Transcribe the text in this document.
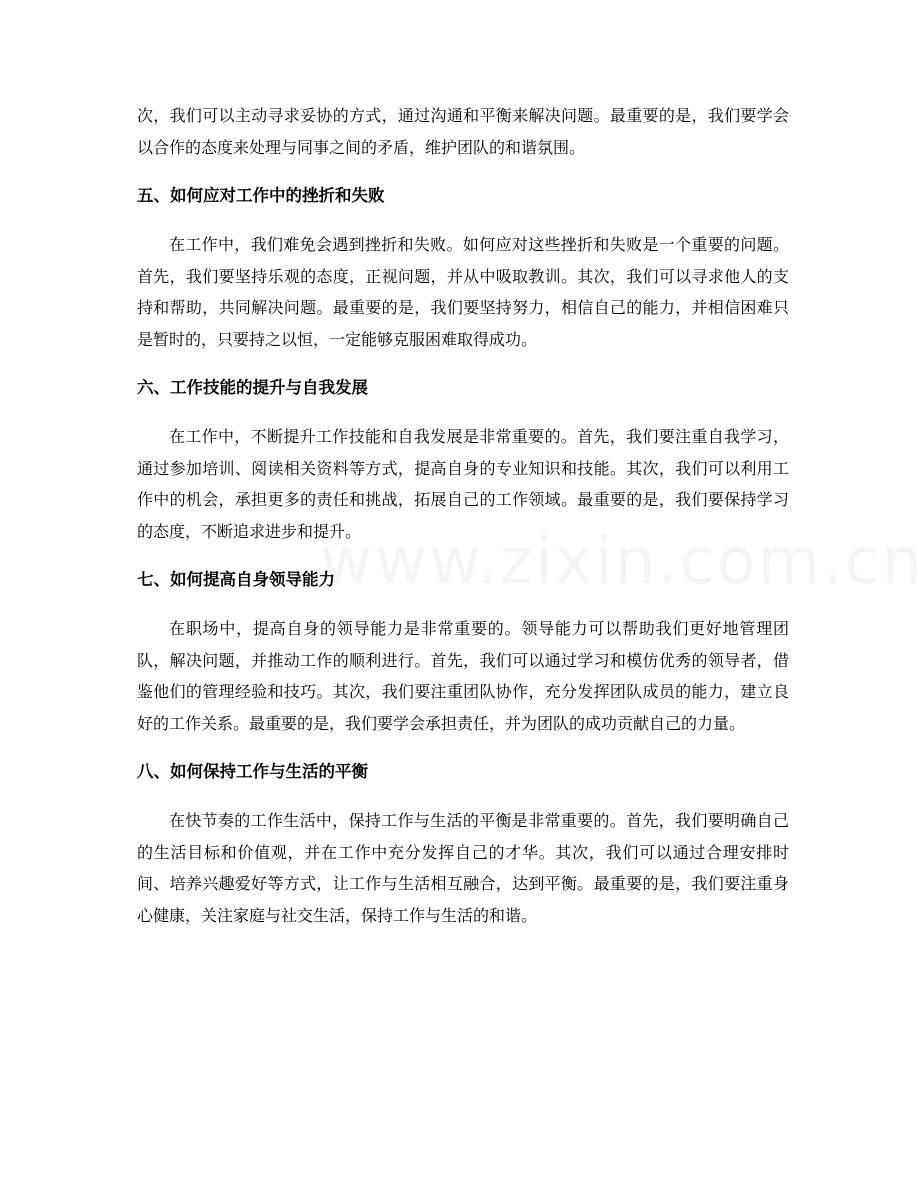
次，我们可以主动寻求妥协的方式，通过沟通和平衡来解决问题。最重要的是，我们要学会以合作的态度来处理与同事之间的矛盾，维护团队的和谐氛围。

五、如何应对工作中的挫折和失败

在工作中，我们难免会遇到挫折和失败。如何应对这些挫折和失败是一个重要的问题。首先，我们要坚持乐观的态度，正视问题，并从中吸取教训。其次，我们可以寻求他人的支持和帮助，共同解决问题。最重要的是，我们要坚持努力，相信自己的能力，并相信困难只是暂时的，只要持之以恒，一定能够克服困难取得成功。

六、工作技能的提升与自我发展

在工作中，不断提升工作技能和自我发展是非常重要的。首先，我们要注重自我学习，通过参加培训、阅读相关资料等方式，提高自身的专业知识和技能。其次，我们可以利用工作中的机会，承担更多的责任和挑战，拓展自己的工作领域。最重要的是，我们要保持学习的态度，不断追求进步和提升。

七、如何提高自身领导能力

在职场中，提高自身的领导能力是非常重要的。领导能力可以帮助我们更好地管理团队，解决问题，并推动工作的顺利进行。首先，我们可以通过学习和模仿优秀的领导者，借鉴他们的管理经验和技巧。其次，我们要注重团队协作，充分发挥团队成员的能力，建立良好的工作关系。最重要的是，我们要学会承担责任，并为团队的成功贡献自己的力量。

八、如何保持工作与生活的平衡

在快节奏的工作生活中，保持工作与生活的平衡是非常重要的。首先，我们要明确自己的生活目标和价值观，并在工作中充分发挥自己的才华。其次，我们可以通过合理安排时间、培养兴趣爱好等方式，让工作与生活相互融合，达到平衡。最重要的是，我们要注重身心健康，关注家庭与社交生活，保持工作与生活的和谐。
